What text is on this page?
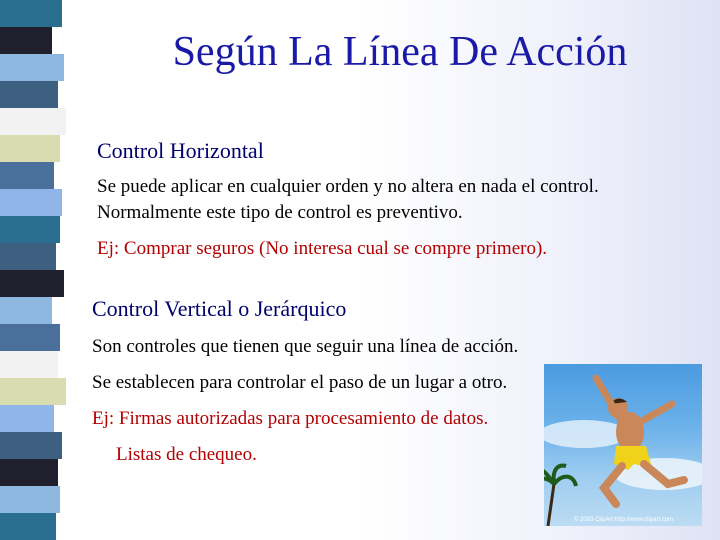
Según La Línea De Acción
Control Horizontal
Se puede aplicar en cualquier orden y no altera en nada el control.
Normalmente este tipo de control es preventivo.
Ej: Comprar seguros (No interesa cual se compre primero).
Control Vertical o Jerárquico
Son controles que tienen que seguir una línea de acción.
Se establecen para controlar el paso de un lugar a otro.
Ej: Firmas autorizadas para procesamiento de datos.
Listas de chequeo.
© 2003 ClipArt http://www.clipart.com
